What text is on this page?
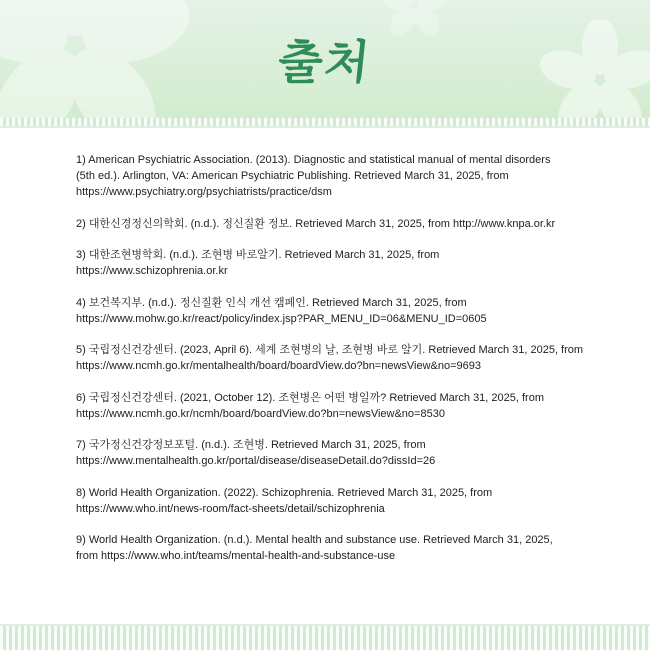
출처
1) American Psychiatric Association. (2013). Diagnostic and statistical manual of mental disorders
(5th ed.). Arlington, VA: American Psychiatric Publishing. Retrieved March 31, 2025, from
https://www.psychiatry.org/psychiatrists/practice/dsm
2) 대한신경정신의학회. (n.d.). 정신질환 정보. Retrieved March 31, 2025, from http://www.knpa.or.kr
3) 대한조현병학회. (n.d.). 조현병 바로알기. Retrieved March 31, 2025, from
https://www.schizophrenia.or.kr
4) 보건복지부. (n.d.). 정신질환 인식 개선 캠페인. Retrieved March 31, 2025, from
https://www.mohw.go.kr/react/policy/index.jsp?PAR_MENU_ID=06&MENU_ID=0605
5) 국립정신건강센터. (2023, April 6). 세계 조현병의 날, 조현병 바로 알기. Retrieved March 31, 2025, from
https://www.ncmh.go.kr/mentalhealth/board/boardView.do?bn=newsView&no=9693
6) 국립정신건강센터. (2021, October 12). 조현병은 어떤 병일까? Retrieved March 31, 2025, from
https://www.ncmh.go.kr/ncmh/board/boardView.do?bn=newsView&no=8530
7) 국가정신건강정보포털. (n.d.). 조현병. Retrieved March 31, 2025, from
https://www.mentalhealth.go.kr/portal/disease/diseaseDetail.do?dissId=26
8) World Health Organization. (2022). Schizophrenia. Retrieved March 31, 2025, from
https://www.who.int/news-room/fact-sheets/detail/schizophrenia
9) World Health Organization. (n.d.). Mental health and substance use. Retrieved March 31, 2025,
from https://www.who.int/teams/mental-health-and-substance-use
